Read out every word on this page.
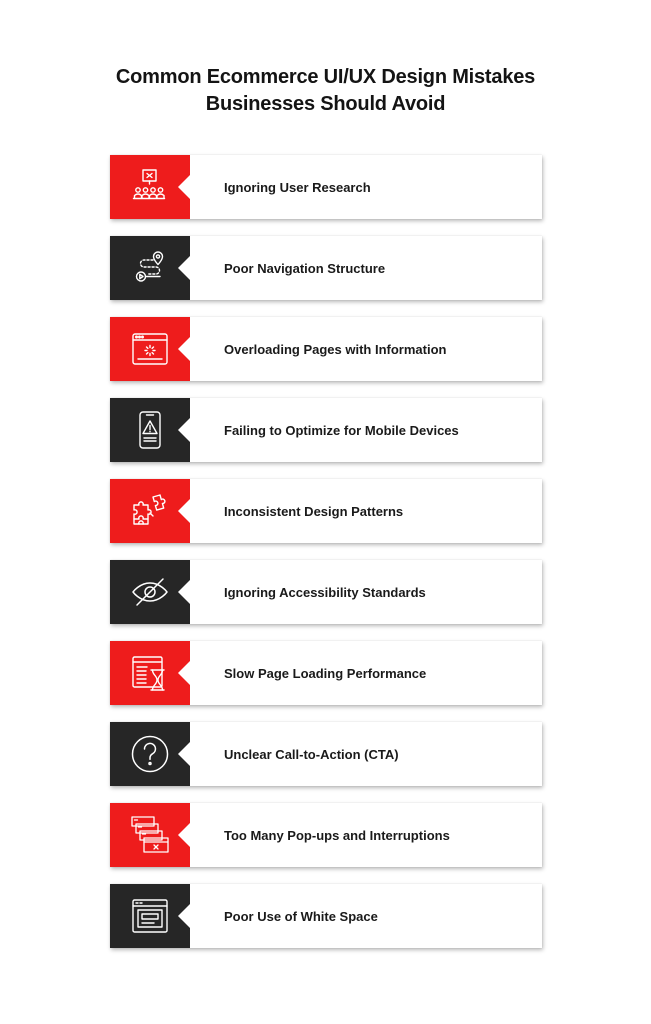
Common Ecommerce UI/UX Design Mistakes
Businesses Should Avoid
Ignoring User Research
Poor Navigation Structure
Overloading Pages with Information
Failing to Optimize for Mobile Devices
Inconsistent Design Patterns
Ignoring Accessibility Standards
Slow Page Loading Performance
Unclear Call-to-Action (CTA)
Too Many Pop-ups and Interruptions
Poor Use of White Space
